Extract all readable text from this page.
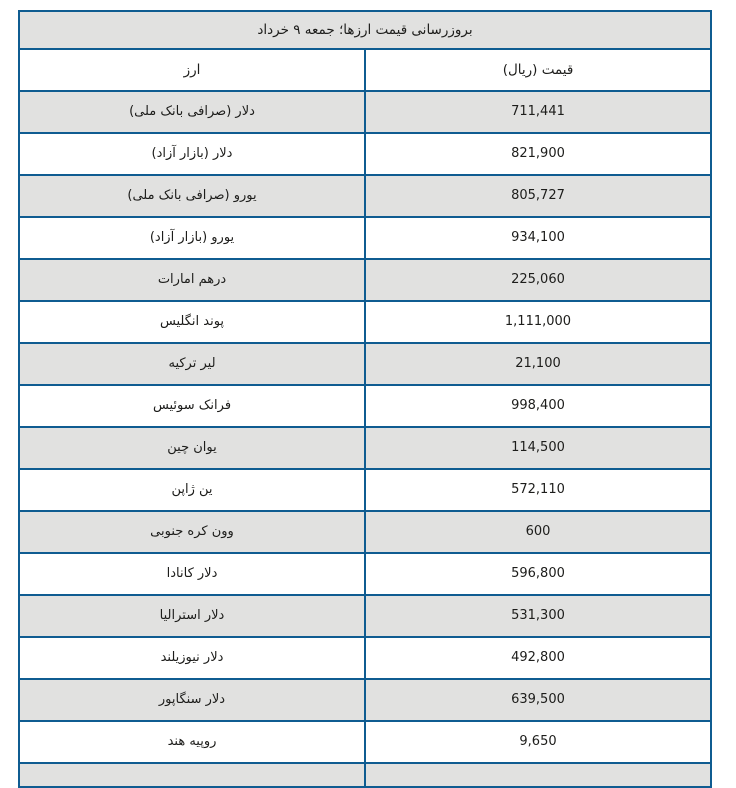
بروزرسانی قیمت ارزها؛ جمعه ۹ خرداد	
قیمت (ریال)	ارز
711,441	دلار (صرافی بانک ملی)
821,900	دلار (بازار آزاد)
805,727	یورو (صرافی بانک ملی)
934,100	یورو (بازار آزاد)
225,060	درهم امارات
1,111,000	پوند انگلیس
21,100	لیر ترکیه
998,400	فرانک سوئیس
114,500	یوان چین
572,110	ین ژاپن
600	وون کره جنوبی
596,800	دلار کانادا
531,300	دلار استرالیا
492,800	دلار نیوزیلند
639,500	دلار سنگاپور
9,650	روپیه هند
